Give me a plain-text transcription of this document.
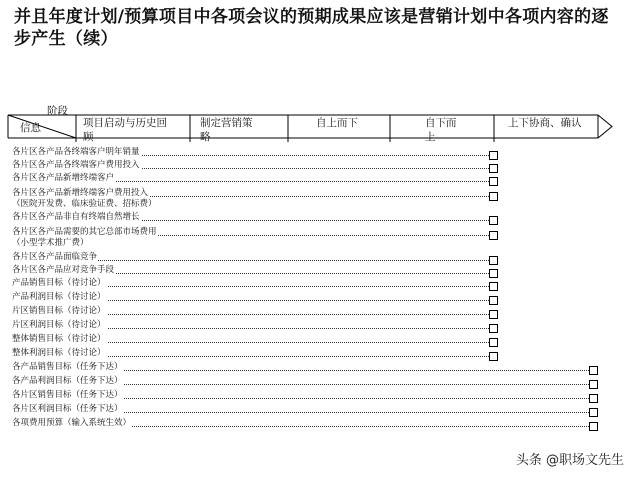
并且年度计划/预算项目中各项会议的预期成果应该是营销计划中各项内容的逐步产生（续）
阶段
信息	项目启动与历史回
顾
制定营销策
略
自上而下	自下而
上
上下协商、确认
各片区各产品各终端客户明年销量
各片区各产品各终端客户费用投入
各片区各产品新增终端客户
各片区各产品新增终端客户费用投入
（医院开发费、临床验证费、招标费）
各片区各产品非自有终端自然增长
各片区各产品需要的其它总部市场费用
（小型学术推广费）
各片区各产品面临竞争
各片区各产品应对竞争手段
产品销售目标（待讨论）
产品利润目标（待讨论）
片区销售目标（待讨论）
片区利润目标（待讨论）
整体销售目标（待讨论）
整体利润目标（待讨论）
各产品销售目标（任务下达）
各产品利润目标（任务下达）
各片区销售目标（任务下达）
各片区利润目标（任务下达）
各项费用预算（输入系统生效）
头条 @职场文先生
